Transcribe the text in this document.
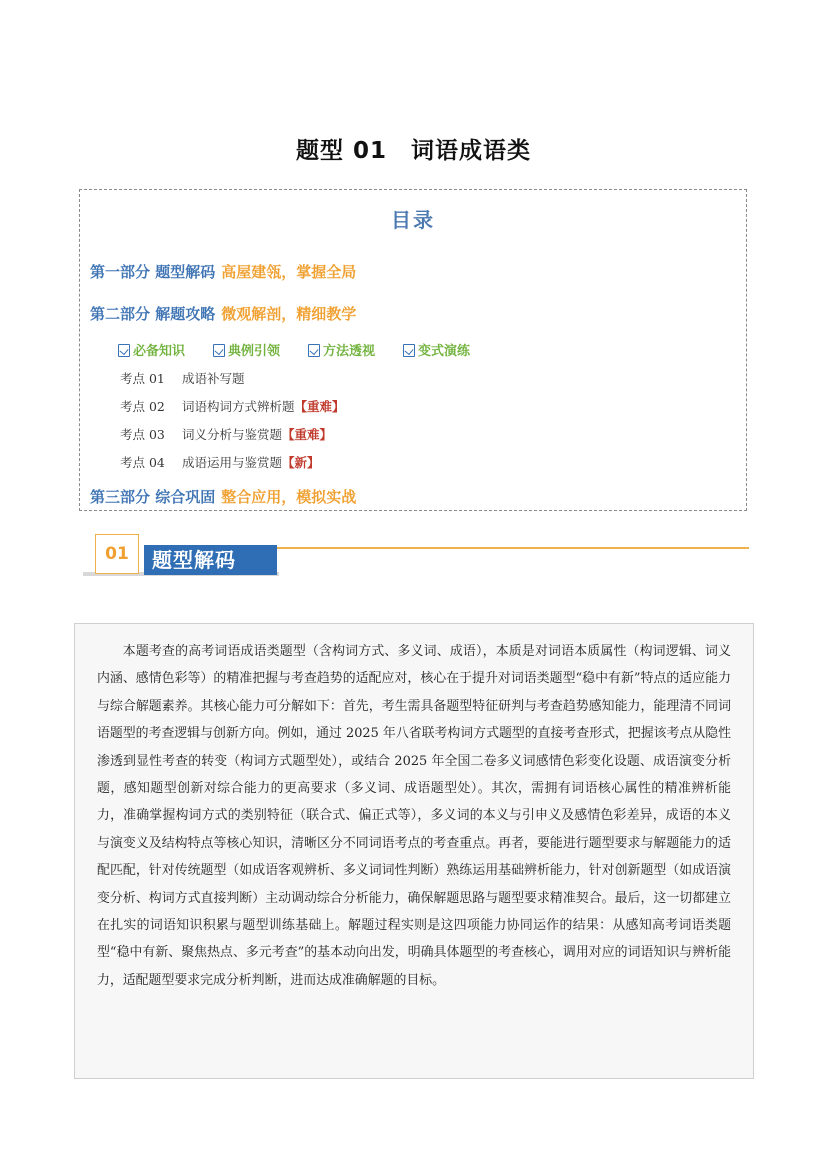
题型 01 词语成语类
目录
第一部分 题型解码 高屋建瓴，掌握全局
第二部分 解题攻略 微观解剖，精细教学
必备知识	典例引领	方法透视	变式演练
考点 01 成语补写题
考点 02 词语构词方式辨析题【重难】
考点 03 词义分析与鉴赏题【重难】
考点 04 成语运用与鉴赏题【新】
第三部分 综合巩固 整合应用，模拟实战
题型解码
01

本题考查的高考词语成语类题型（含构词方式、多义词、成语），本质是对词语本质属性（构词逻辑、词义内涵、感情色彩等）的精准把握与考查趋势的适配应对，核心在于提升对词语类题型“稳中有新”特点的适应能力与综合解题素养。其核心能力可分解如下：首先，考生需具备题型特征研判与考查趋势感知能力，能理清不同词语题型的考查逻辑与创新方向。例如，通过 2025 年八省联考构词方式题型的直接考查形式，把握该考点从隐性渗透到显性考查的转变（构词方式题型处），或结合 2025 年全国二卷多义词感情色彩变化设题、成语演变分析题，感知题型创新对综合能力的更高要求（多义词、成语题型处）。其次，需拥有词语核心属性的精准辨析能力，准确掌握构词方式的类别特征（联合式、偏正式等），多义词的本义与引申义及感情色彩差异，成语的本义与演变义及结构特点等核心知识，清晰区分不同词语考点的考查重点。再者，要能进行题型要求与解题能力的适配匹配，针对传统题型（如成语客观辨析、多义词词性判断）熟练运用基础辨析能力，针对创新题型（如成语演变分析、构词方式直接判断）主动调动综合分析能力，确保解题思路与题型要求精准契合。最后，这一切都建立在扎实的词语知识积累与题型训练基础上。解题过程实则是这四项能力协同运作的结果：从感知高考词语类题型“稳中有新、聚焦热点、多元考查”的基本动向出发，明确具体题型的考查核心，调用对应的词语知识与辨析能力，适配题型要求完成分析判断，进而达成准确解题的目标。
